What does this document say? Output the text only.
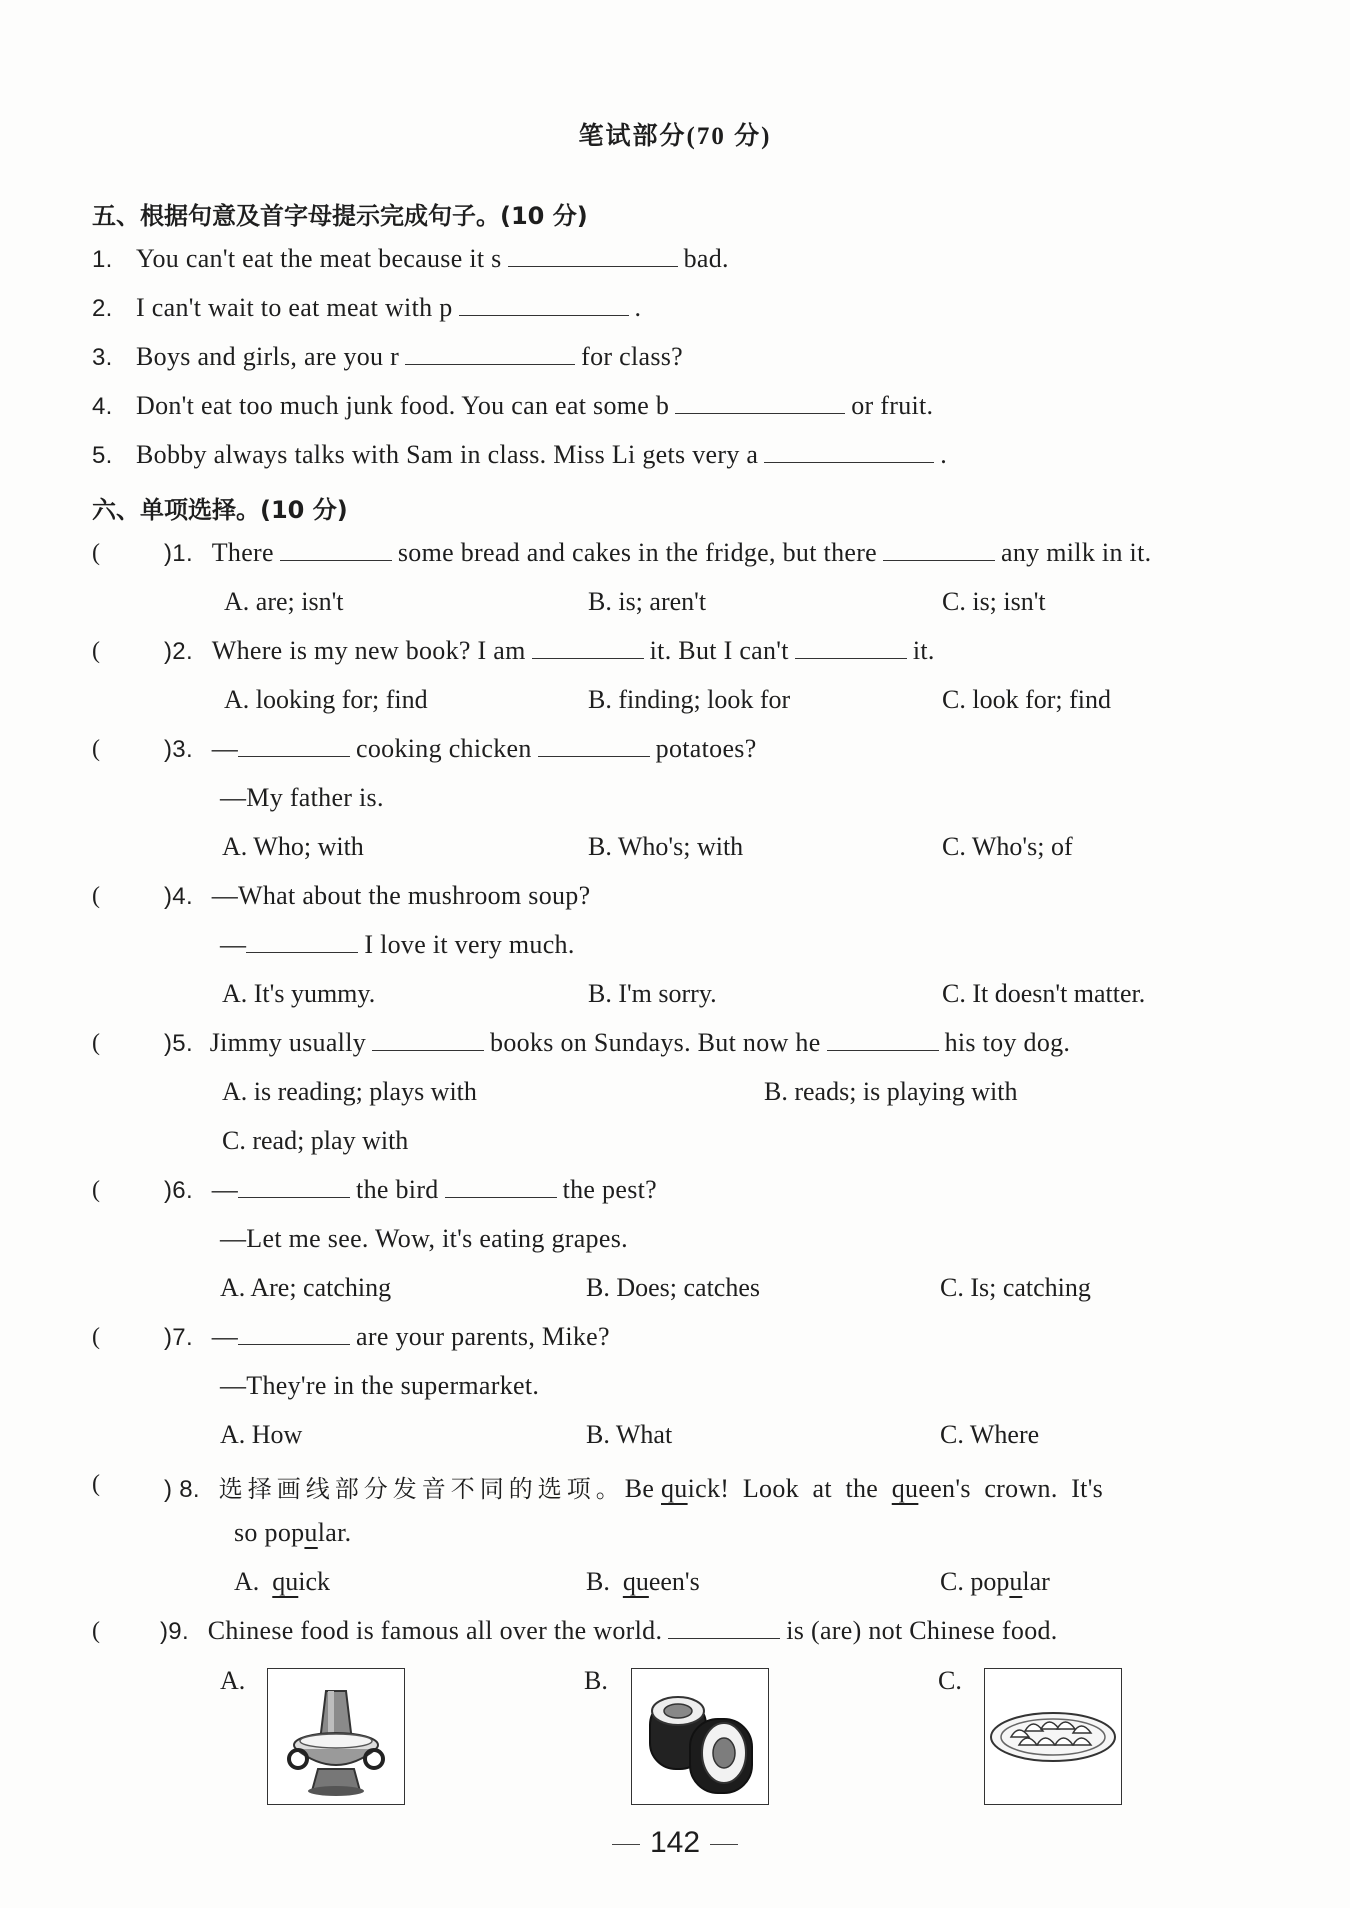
笔试部分(70 分)
五、根据句意及首字母提示完成句子。(10 分)
1. You can't eat the meat because it s	bad.
2. I can't wait to eat meat with p	.
3. Boys and girls, are you r	for class?
4. Don't eat too much junk food. You can eat some b	or fruit.
5. Bobby always talks with Sam in class. Miss Li gets very a	.
六、单项选择。(10 分)
(	)1. There	some bread and cakes in the fridge, but there	any milk in it.
A. are; isn't	B. is; aren't	C. is; isn't
(	)2. Where is my new book? I am	it. But I can't	it.
A. looking for; find	B. finding; look for	C. look for; find
(	)3. —	cooking chicken	potatoes?
—My father is.
A. Who; with	B. Who's; with	C. Who's; of
(	)4. —What about the mushroom soup?
—	I love it very much.
A. It's yummy.	B. I'm sorry.	C. It doesn't matter.
(	)5. Jimmy usually	books on Sundays. But now he	his toy dog.
A. is reading; plays with	B. reads; is playing with
C. read; play with
(	)6. —	the bird	the pest?
—Let me see. Wow, it's eating grapes.
A. Are; catching	B. Does; catches	C. Is; catching
(	)7. —	are your parents, Mike?
—They're in the supermarket.
A. How	B. What	C. Where
(	) 8. 选择画线部分发音不同的选项。Be quick!  Look  at  the  queen's  crown.  It's
so popular.
A.  quick	B.  queen's	C. popular
(	)9. Chinese food is famous all over the world.	is (are) not Chinese food.
A.	B.	C.
142
